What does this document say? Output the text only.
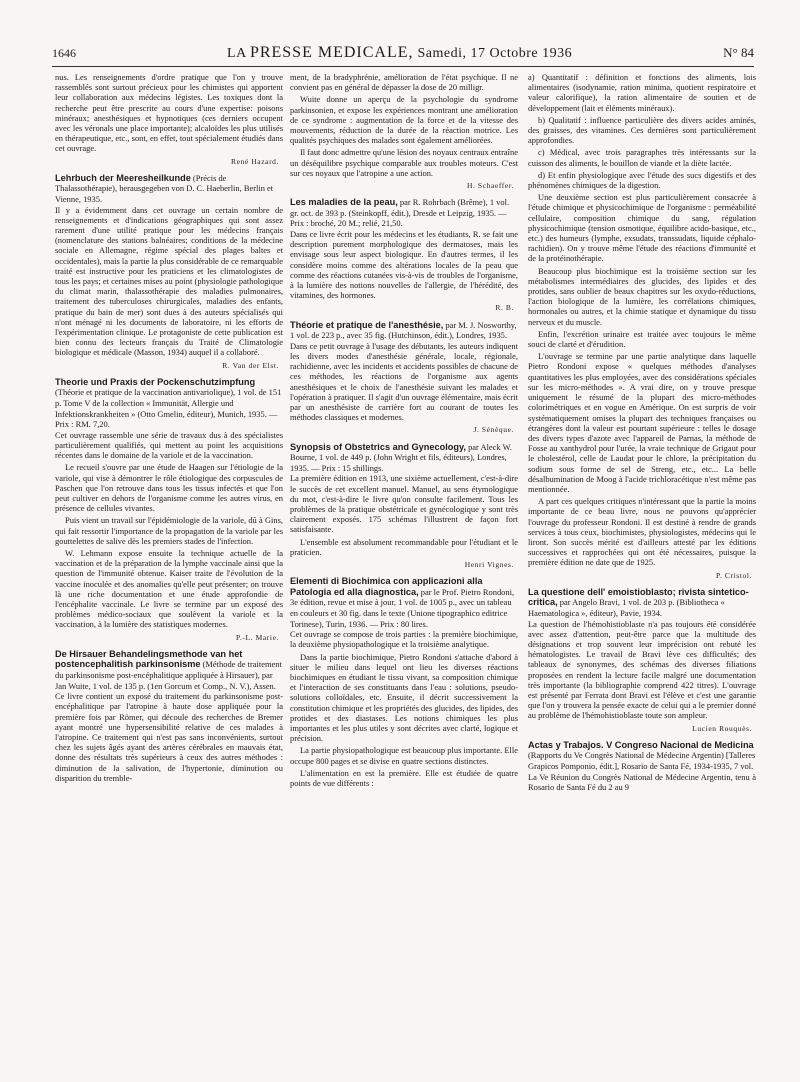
1646	LA PRESSE MEDICALE, Samedi, 17 Octobre 1936	N° 84

nus. Les renseignements d'ordre pratique que l'on y trouve rassemblés sont surtout précieux pour les chimistes qui apportent leur collaboration aux médecins légistes. Les toxiques dont la recherche peut être prescrite au cours d'une expertise: poisons minéraux; anesthésiques et hypnotiques (ces derniers occupent avec les véronals une place importante); alcaloïdes les plus utilisés en thérapeutique, etc., sont, en effet, tout spécialement étudiés dans cet ouvrage.

René Hazard.
Lehrbuch der Meeresheilkunde (Précis de Thalassothérapie), herausgegeben von D. C. Haeberlin, Berlin et Vienne, 1935.

Il y a évidemment dans cet ouvrage un certain nombre de renseignements et d'indications géographiques qui sont assez rarement d'une utilité pratique pour les médecins français (nomenclature des stations balnéaires; conditions de la médecine sociale en Allemagne, régime spécial des plages baltes et occidentales), mais la partie la plus considérable de ce remarquable traité est instructive pour les praticiens et les climatologistes de tous les pays; et certaines mises au point (physiologie pathologique du climat marin, thalassothérapie des maladies pulmonaires, traitement des tuberculoses chirurgicales, maladies des enfants, pratique du bain de mer) sont dues à des auteurs spécialisés qui n'ont ménagé ni les documents de laboratoire, ni les efforts de l'expérimentation clinique. Le protagoniste de cette publication est bien connu des lecteurs français du Traité de Climatologie biologique et médicale (Masson, 1934) auquel il a collaboré.

R. Van der Elst.
Theorie und Praxis der Pockenschutzimpfung (Théorie et pratique de la vaccination antivariolique), 1 vol. de 151 p. Tome V de la collection « Immunität, Allergie und Infektionskrankheiten » (Otto Gmelin, éditeur), Munich, 1935. — Prix : RM. 7,20.

Cet ouvrage rassemble une série de travaux dus à des spécialistes particulièrement qualifiés, qui mettent au point les acquisitions récentes dans le domaine de la variole et de la vaccination.

Le recueil s'ouvre par une étude de Haagen sur l'étiologie de la variole, qui vise à démontrer le rôle étiologique des corpuscules de Paschen que l'on retrouve dans tous les tissus infectés et que l'on peut cultiver en dehors de l'organisme comme les autres virus, en présence de cellules vivantes.

Puis vient un travail sur l'épidémiologie de la variole, dû à Gins, qui fait ressortir l'importance de la propagation de la variole par les gouttelettes de salive dès les premiers stades de l'infection.

W. Lehmann expose ensuite la technique actuelle de la vaccination et de la préparation de la lymphe vaccinale ainsi que la question de l'immunité obtenue. Kaiser traite de l'évolution de la vaccine inoculée et des anomalies qu'elle peut présenter; on trouve là une riche documentation et une étude approfondie de l'encéphalite vaccinale. Le livre se termine par un exposé des problèmes médico-sociaux que soulèvent la variole et la vaccination, à la lumière des statistiques modernes.

P.-L. Marie.
De Hirsauer Behandelingsmethode van het postencephalitish parkinsonisme (Méthode de traitement du parkinsonisme post-encéphalitique appliquée à Hirsauer), par Jan Wuite, 1 vol. de 135 p. (1en Gorcum et Comp., N. V.), Assen.

Ce livre contient un exposé du traitement du parkinsonisme post-encéphalitique par l'atropine à haute dose appliquée pour la première fois par Römer, qui découle des recherches de Bremer ayant montré une hypersensibilité relative de ces malades à l'atropine. Ce traitement qui n'est pas sans inconvénients, surtout chez les sujets âgés ayant des artères cérébrales en mauvais état, donne des résultats très supérieurs à ceux des autres méthodes : diminution de la salivation, de l'hypertonie, diminution ou disparition du tremble-

ment, de la bradyphrénie, amélioration de l'état psychique. Il ne convient pas en général de dépasser la dose de 20 milligr.

Wuite donne un aperçu de la psychologie du syndrome parkinsonien, et expose les expériences montrant une amélioration de ce syndrome : augmentation de la force et de la vitesse des mouvements, réduction de la durée de la réaction motrice. Les qualités psychiques des malades sont également améliorées.

Il faut donc admettre qu'une lésion des noyaux centraux entraîne un déséquilibre psychique comparable aux troubles moteurs. C'est sur ces noyaux que l'atropine a une action.

H. Schaeffer.
Les maladies de la peau, par R. Rohrbach (Brême), 1 vol. gr. oct. de 393 p. (Steinkopff, édit.), Dresde et Leipzig, 1935. — Prix : broché, 20 M.; relié, 21,50.

Dans ce livre écrit pour les médecins et les étudiants, R. se fait une description purement morphologique des dermatoses, mais les envisage sous leur aspect biologique. En d'autres termes, il les considère moins comme des altérations locales de la peau que comme des réactions cutanées vis-à-vis de troubles de l'organisme, à la lumière des notions nouvelles de l'allergie, de l'hérédité, des vitamines, des hormones.

R. B.
Théorie et pratique de l'anesthésie, par M. J. Nosworthy, 1 vol. de 223 p., avec 35 fig. (Hutchinson, édit.), Londres, 1935.

Dans ce petit ouvrage à l'usage des débutants, les auteurs indiquent les divers modes d'anesthésie générale, locale, régionale, rachidienne, avec les incidents et accidents possibles de chacune de ces méthodes, les réactions de l'organisme aux agents anesthésiques et le choix de l'anesthésie suivant les malades et l'opération à pratiquer. Il s'agit d'un ouvrage élémentaire, mais écrit par un anesthésiste de carrière fort au courant de toutes les méthodes classiques et modernes.

J. Sénèque.
Synopsis of Obstetrics and Gynecology, par Aleck W. Bourne, 1 vol. de 449 p. (John Wright et fils, éditeurs), Londres, 1935. — Prix : 15 shillings.

La première édition en 1913, une sixième actuellement, c'est-à-dire le succès de cet excellent manuel. Manuel, au sens étymologique du mot, c'est-à-dire le livre qu'on consulte facilement. Tous les problèmes de la pratique obstétricale et gynécologique y sont très clairement exposés. 175 schémas l'illustrent de façon fort satisfaisante.

L'ensemble est absolument recommandable pour l'étudiant et le praticien.

Henri Vignes.
Elementi di Biochimica con applicazioni alla Patologia ed alla diagnostica, par le Prof. Pietro Rondoni, 3e édition, revue et mise à jour, 1 vol. de 1005 p., avec un tableau en couleurs et 30 fig. dans le texte (Unione tipographico editrice Torinese), Turin, 1936. — Prix : 80 lires.

Cet ouvrage se compose de trois parties : la première biochimique, la deuxième physiopathologique et la troisième analytique.

Dans la partie biochimique, Pietro Rondoni s'attache d'abord à situer le milieu dans lequel ont lieu les diverses réactions biochimiques en étudiant le tissu vivant, sa composition chimique et l'interaction de ses constituants dans l'eau : solutions, pseudo-solutions colloïdales, etc. Ensuite, il décrit successivement la constitution chimique et les propriétés des glucides, des lipides, des protides et des diastases. Les notions chimiques les plus importantes et les plus utiles y sont décrites avec clarté, logique et précision.

La partie physiopathologique est beaucoup plus importante. Elle occupe 800 pages et se divise en quatre sections distinctes.

L'alimentation en est la première. Elle est étudiée de quatre points de vue différents :

a) Quantitatif : définition et fonctions des aliments, lois alimentaires (isodynamie, ration minima, quotient respiratoire et valeur calorifique), la ration alimentaire de soutien et de développement (lait et éléments minéraux).

b) Qualitatif : influence particulière des divers acides aminés, des graisses, des vitamines. Ces dernières sont particulièrement approfondies.

c) Médical, avec trois paragraphes très intéressants sur la cuisson des aliments, le bouillon de viande et la diète lactée.

d) Et enfin physiologique avec l'étude des sucs digestifs et des phénomènes chimiques de la digestion.

Une deuxième section est plus particulièrement consacrée à l'étude chimique et physicochimique de l'organisme : perméabilité cellulaire, composition chimique du sang, régulation physicochimique (tension osmotique, équilibre acido-basique, etc., etc.) des humeurs (lymphe, exsudats, transsudats, liquide céphalo-rachidien). On y trouve même l'étude des réactions d'immunité et de la protéinothérapie.

Beaucoup plus biochimique est la troisième section sur les métabolismes intermédiaires des glucides, des lipides et des protides, sans oublier de beaux chapitres sur les oxydo-réductions, l'action biologique de la lumière, les corrélations chimiques, hormonales ou autres, et la chimie statique et dynamique du tissu nerveux et du muscle.

Enfin, l'excrétion urinaire est traitée avec toujours le même souci de clarté et d'érudition.

L'ouvrage se termine par une partie analytique dans laquelle Pietro Rondoni expose « quelques méthodes d'analyses quantitatives les plus employées, avec des considérations spéciales sur les micro-méthodes ». A vrai dire, on y trouve presque uniquement le résumé de la plupart des micro-méthodes colorimétriques et en vogue en Amérique. On est surpris de voir systématiquement omises la plupart des techniques françaises ou étrangères dont la valeur est pourtant supérieure : telles le dosage des divers types d'azote avec l'appareil de Parnas, la méthode de Fosse au xanthydrol pour l'urée, la vraie technique de Grigaut pour le cholestérol, celle de Laudat pour le chlore, la précipitation du sodium sous forme de sel de Streng, etc., etc... La belle désalbumination de Moog à l'acide trichloracétique n'est même pas mentionnée.

A part ces quelques critiques n'intéressant que la partie la moins importante de ce beau livre, nous ne pouvons qu'apprécier l'ouvrage du professeur Rondoni. Il est destiné à rendre de grands services à tous ceux, biochimistes, physiologistes, médecins qui le liront. Son succès mérité est d'ailleurs attesté par les éditions successives et rapprochées qui ont été nécessaires, puisque la première édition ne date que de 1925.

P. Cristol.
La questione dell' emoistioblasto; rivista sintetico-critica, par Angelo Bravi, 1 vol. de 203 p. (Bibliotheca « Haematologica », éditeur), Pavie, 1934.

La question de l'hémohistioblaste n'a pas toujours été considérée avec assez d'attention, peut-être parce que la multitude des désignations et trop souvent leur imprécision ont rebuté les hématologistes. Le travail de Bravi lève ces difficultés; des tableaux de synonymes, des schémas des diverses filiations proposées en rendent la lecture facile malgré une documentation très importante (la bibliographie comprend 422 titres). L'ouvrage est présenté par Ferrata dont Bravi est l'élève et c'est une garantie que l'on y trouvera la pensée exacte de celui qui a le premier donné au problème de l'hémohistioblaste toute son ampleur.

Lucien Rouquès.
Actas y Trabajos. V Congreso Nacional de Medicina (Rapports du Ve Congrès National de Médecine Argentin) [Talleres Grapicos Pomponio, édit.], Rosario de Santa Fé, 1934-1935, 7 vol.

La Ve Réunion du Congrès National de Médecine Argentin, tenu à Rosario de Santa Fé du 2 au 9
